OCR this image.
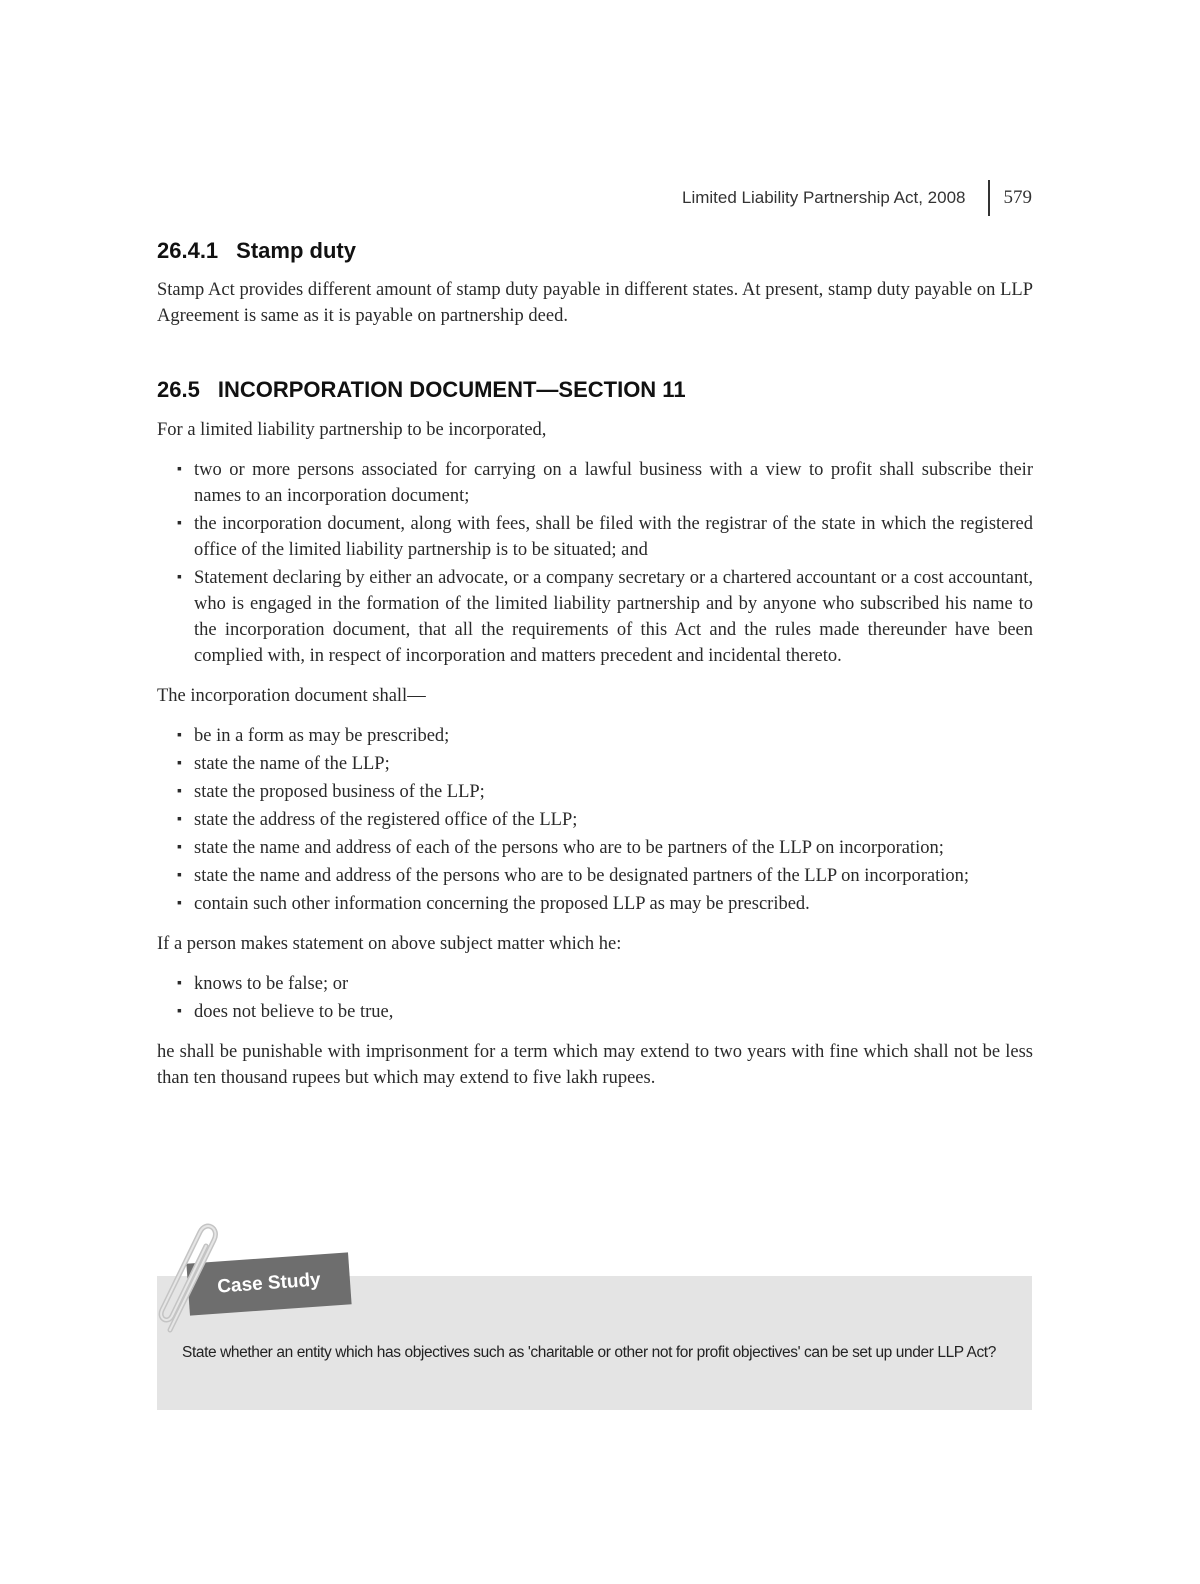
Limited Liability Partnership Act, 2008 579
26.4.1 Stamp duty

Stamp Act provides different amount of stamp duty payable in different states. At present, stamp duty payable on LLP Agreement is same as it is payable on partnership deed.

26.5 INCORPORATION DOCUMENT—SECTION 11

For a limited liability partnership to be incorporated,

▪ two or more persons associated for carrying on a lawful business with a view to profit shall subscribe their names to an incorporation document;
▪ the incorporation document, along with fees, shall be filed with the registrar of the state in which the registered office of the limited liability partnership is to be situated; and
▪ Statement declaring by either an advocate, or a company secretary or a chartered accountant or a cost accountant, who is engaged in the formation of the limited liability partnership and by anyone who subscribed his name to the incorporation document, that all the requirements of this Act and the rules made thereunder have been complied with, in respect of incorporation and matters precedent and incidental thereto.

The incorporation document shall—

▪ be in a form as may be prescribed;
▪ state the name of the LLP;
▪ state the proposed business of the LLP;
▪ state the address of the registered office of the LLP;
▪ state the name and address of each of the persons who are to be partners of the LLP on incorporation;
▪ state the name and address of the persons who are to be designated partners of the LLP on incorporation;
▪ contain such other information concerning the proposed LLP as may be prescribed.

If a person makes statement on above subject matter which he:

▪ knows to be false; or
▪ does not believe to be true,

he shall be punishable with imprisonment for a term which may extend to two years with fine which shall not be less than ten thousand rupees but which may extend to five lakh rupees.

State whether an entity which has objectives such as 'charitable or other not for profit objectives' can be set up under LLP Act?
Case Study
